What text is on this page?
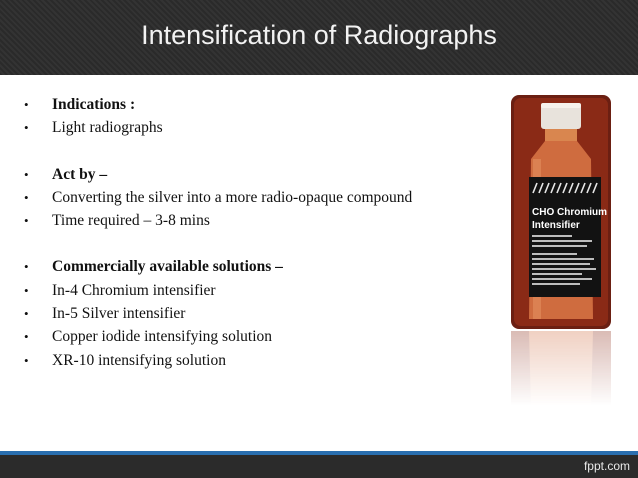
Intensification of Radiographs
•	Indications :
•	Light radiographs
•	Act by –
•	Converting the silver into a more radio-opaque compound
•	Time required – 3-8 mins
•	Commercially available solutions –
•	In-4 Chromium intensifier
•	In-5 Silver intensifier
•	Copper iodide intensifying solution
•	XR-10 intensifying solution
CHO Chromium
Intensifier
fppt.com
